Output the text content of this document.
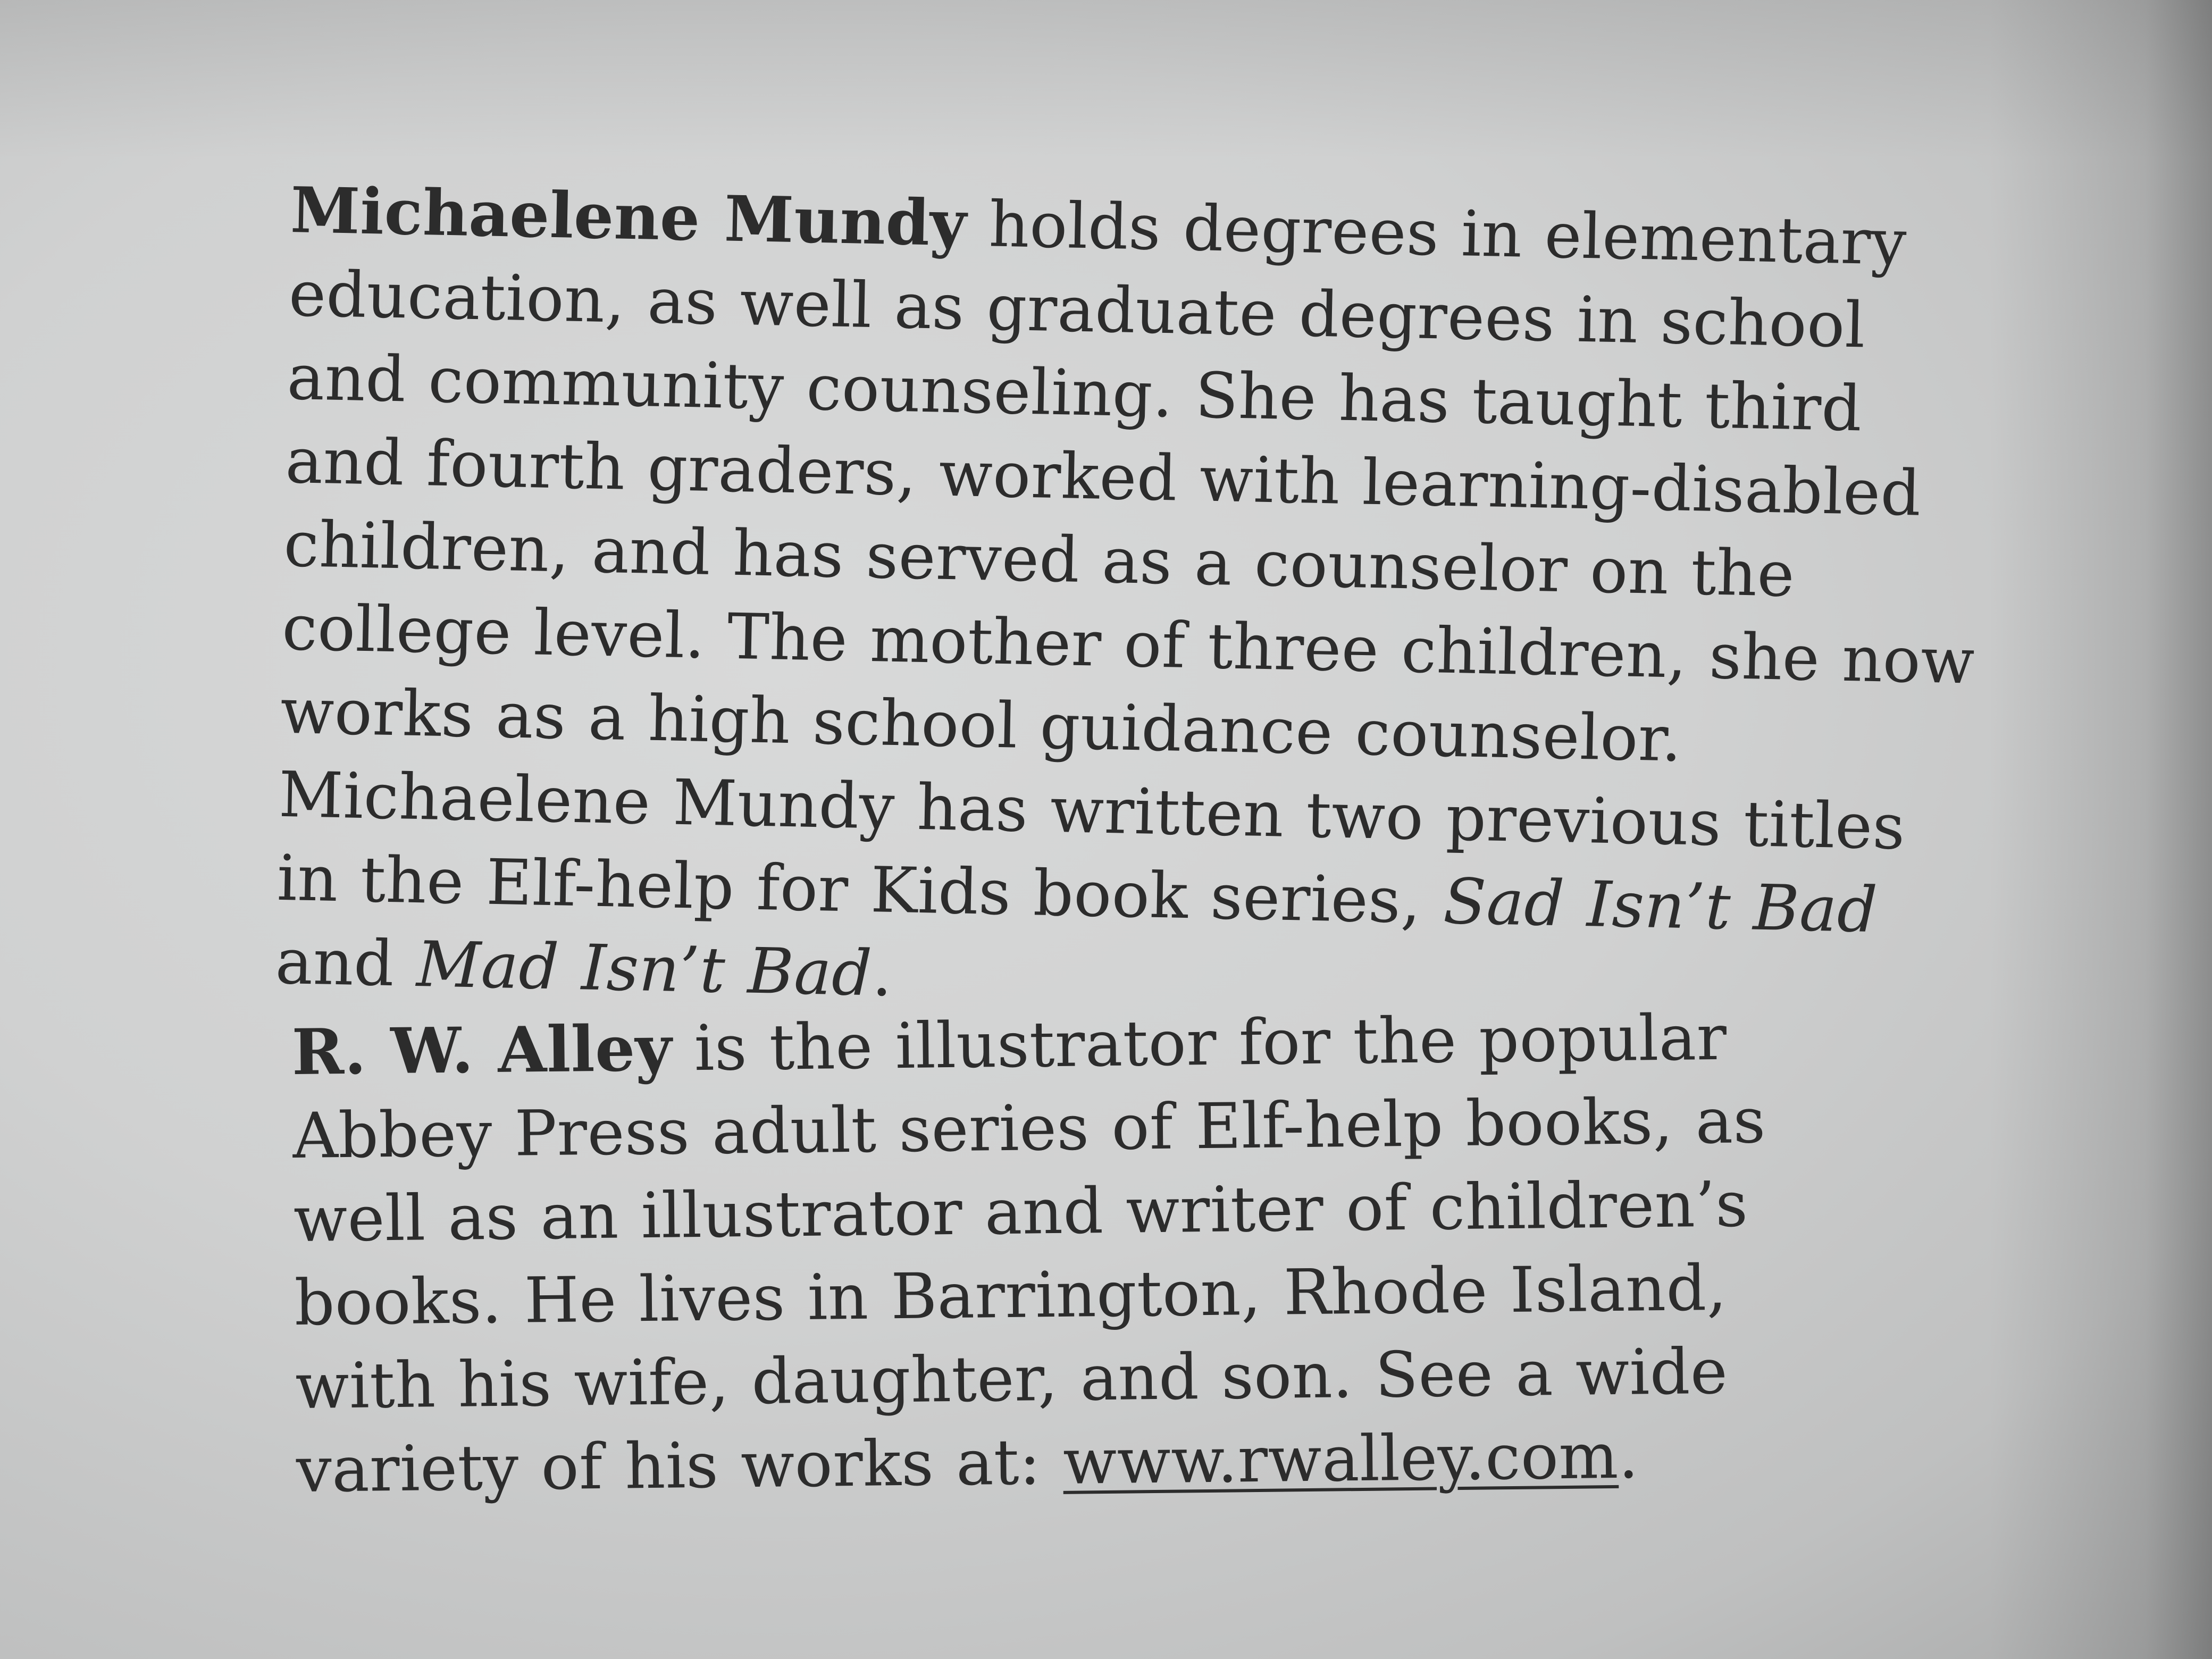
Michaelene Mundy holds degrees in elementary education, as well as graduate degrees in school and community counseling. She has taught third and fourth graders, worked with learning-disabled children, and has served as a counselor on the college level. The mother of three children, she now works as a high school guidance counselor. Michaelene Mundy has written two previous titles in the Elf-help for Kids book series, Sad Isn’t Bad and Mad Isn’t Bad.

R. W. Alley is the illustrator for the popular Abbey Press adult series of Elf-help books, as well as an illustrator and writer of children’s books. He lives in Barrington, Rhode Island, with his wife, daughter, and son. See a wide variety of his works at: www.rwalley.com.
